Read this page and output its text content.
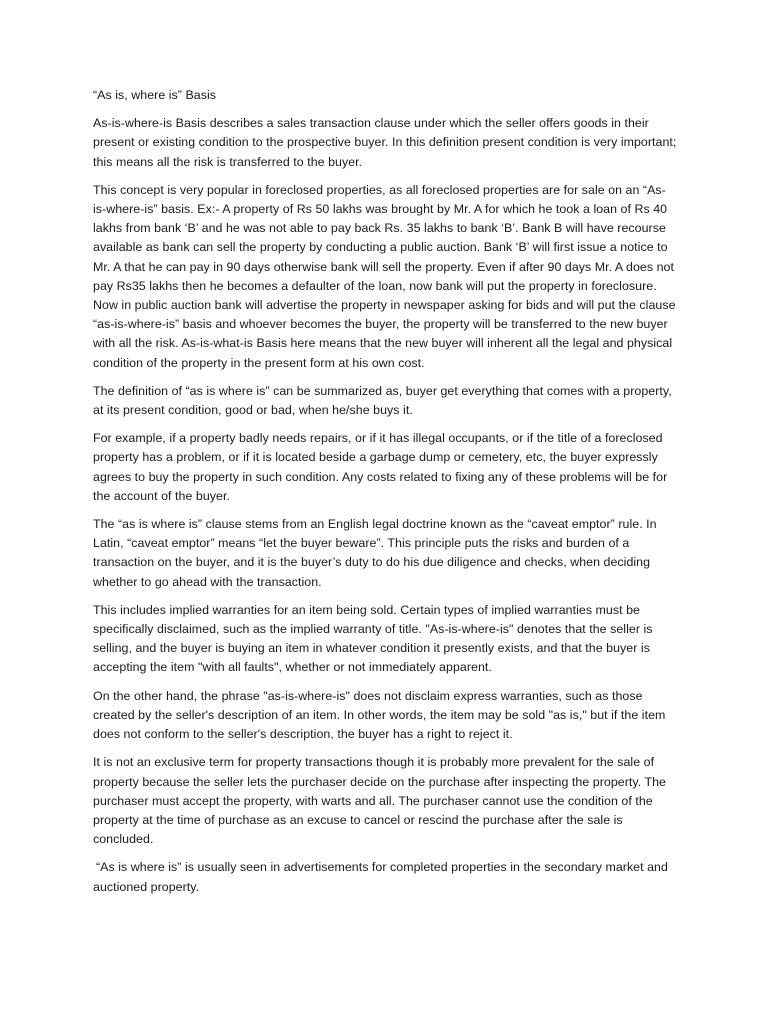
“As is, where is” Basis

As-is-where-is Basis describes a sales transaction clause under which the seller offers goods in their present or existing condition to the prospective buyer. In this definition present condition is very important; this means all the risk is transferred to the buyer.

This concept is very popular in foreclosed properties, as all foreclosed properties are for sale on an “As-is-where-is” basis. Ex:- A property of Rs 50 lakhs was brought by Mr. A for which he took a loan of Rs 40 lakhs from bank ‘B’ and he was not able to pay back Rs. 35 lakhs to bank ‘B’. Bank B will have recourse available as bank can sell the property by conducting a public auction. Bank ‘B’ will first issue a notice to Mr. A that he can pay in 90 days otherwise bank will sell the property. Even if after 90 days Mr. A does not pay Rs35 lakhs then he becomes a defaulter of the loan, now bank will put the property in foreclosure. Now in public auction bank will advertise the property in newspaper asking for bids and will put the clause “as-is-where-is” basis and whoever becomes the buyer, the property will be transferred to the new buyer with all the risk. As-is-what-is Basis here means that the new buyer will inherent all the legal and physical condition of the property in the present form at his own cost.

The definition of “as is where is” can be summarized as, buyer get everything that comes with a property, at its present condition, good or bad, when he/she buys it.

For example, if a property badly needs repairs, or if it has illegal occupants, or if the title of a foreclosed property has a problem, or if it is located beside a garbage dump or cemetery, etc, the buyer expressly agrees to buy the property in such condition. Any costs related to fixing any of these problems will be for the account of the buyer.

The “as is where is” clause stems from an English legal doctrine known as the “caveat emptor” rule. In Latin, “caveat emptor” means “let the buyer beware”. This principle puts the risks and burden of a transaction on the buyer, and it is the buyer’s duty to do his due diligence and checks, when deciding whether to go ahead with the transaction.

This includes implied warranties for an item being sold. Certain types of implied warranties must be specifically disclaimed, such as the implied warranty of title. "As-is-where-is" denotes that the seller is selling, and the buyer is buying an item in whatever condition it presently exists, and that the buyer is accepting the item "with all faults", whether or not immediately apparent.

On the other hand, the phrase "as-is-where-is" does not disclaim express warranties, such as those created by the seller's description of an item. In other words, the item may be sold "as is," but if the item does not conform to the seller's description, the buyer has a right to reject it.

It is not an exclusive term for property transactions though it is probably more prevalent for the sale of property because the seller lets the purchaser decide on the purchase after inspecting the property. The purchaser must accept the property, with warts and all. The purchaser cannot use the condition of the property at the time of purchase as an excuse to cancel or rescind the purchase after the sale is concluded.

“As is where is” is usually seen in advertisements for completed properties in the secondary market and auctioned property.
